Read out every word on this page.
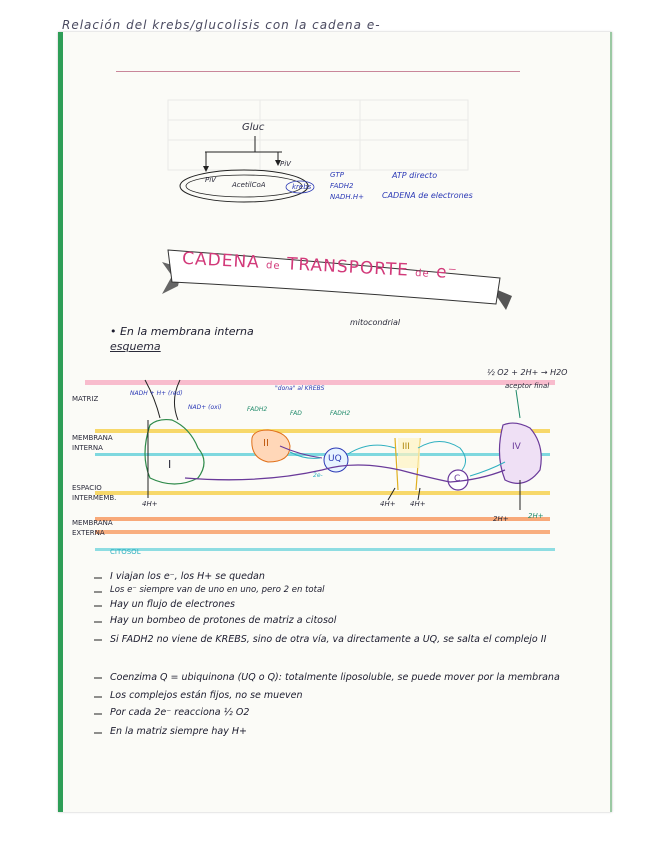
Relación del krebs/glucolisis con la cadena e-
Gluc
PiV
PiV
AcetilCoA	krebs
GTP
FADH2
NADH.H+
ATP directo
CADENA de electrones
CADENA de TRANSPORTE de e⁻
• En la membrana interna
mitocondrial
esquema
MATRIZ
MEMBRANA INTERNA
ESPACIO INTERMEMB.
MEMBRANA EXTERNA
CITOSOL
NADH + H+ (red)
NAD+ (oxi)
"dona" al KREBS
FADH2
FAD	FADH2
I
II
UQ
III
C
IV
½ O2 + 2H+ → H2O
aceptor final
4H+	4H+ 4H+
2H+	2H+
2e-
I viajan los e⁻, los H+ se quedan
Los e⁻ siempre van de uno en uno, pero 2 en total
Hay un flujo de electrones
Hay un bombeo de protones de matriz a citosol
Si FADH2 no viene de KREBS, sino de otra vía, va directamente a UQ, se salta el complejo II
Coenzima Q = ubiquinona (UQ o Q): totalmente liposoluble, se puede mover por la membrana
Los complejos están fijos, no se mueven
Por cada 2e⁻ reacciona ½ O2
En la matriz siempre hay H+
